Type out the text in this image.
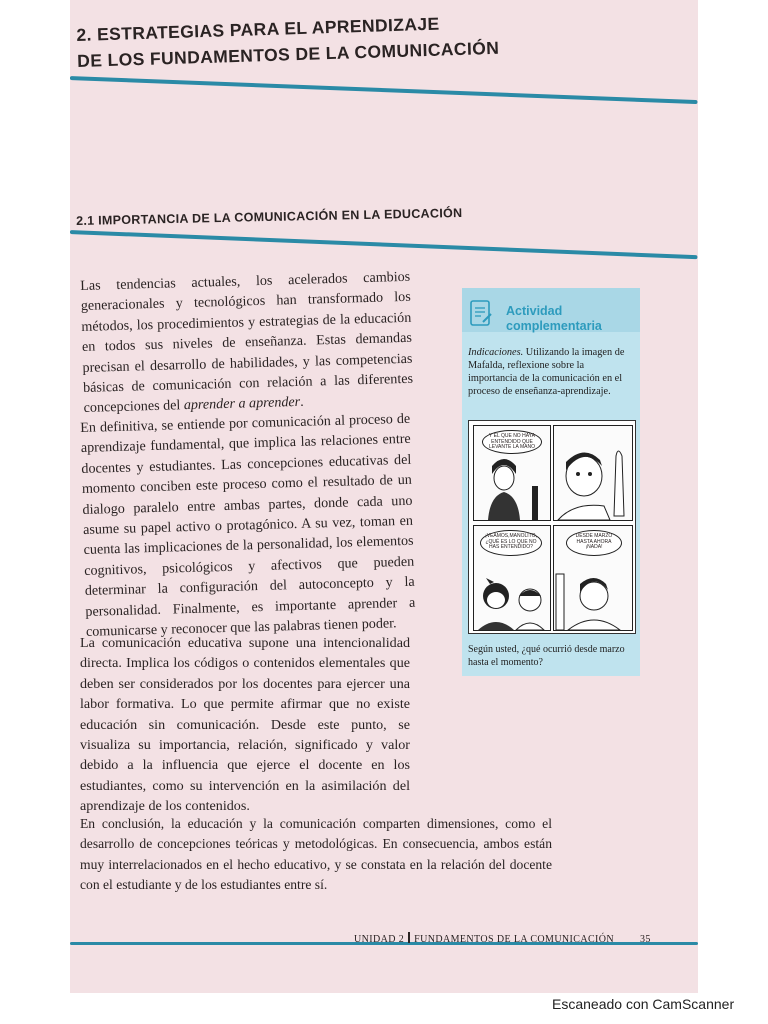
2. ESTRATEGIAS PARA EL APRENDIZAJE
DE LOS FUNDAMENTOS DE LA COMUNICACIÓN
2.1 IMPORTANCIA DE LA COMUNICACIÓN EN LA EDUCACIÓN

Las tendencias actuales, los acelerados cambios generacionales y tecnológicos han transformado los métodos, los procedimientos y estrategias de la educación en todos sus niveles de enseñanza. Estas demandas precisan el desarrollo de habilidades, y las competencias básicas de comunicación con relación a las diferentes concepciones del aprender a aprender.

En definitiva, se entiende por comunicación al proceso de aprendizaje fundamental, que implica las relaciones entre docentes y estudiantes. Las concepciones educativas del momento conciben este proceso como el resultado de un dialogo paralelo entre ambas partes, donde cada uno asume su papel activo o protagónico. A su vez, toman en cuenta las implicaciones de la personalidad, los elementos cognitivos, psicológicos y afectivos que pueden determinar la configuración del autoconcepto y la personalidad. Finalmente, es importante aprender a comunicarse y reconocer que las palabras tienen poder.

La comunicación educativa supone una intencionalidad directa. Implica los códigos o contenidos elementales que deben ser considerados por los docentes para ejercer una labor formativa. Lo que permite afirmar que no existe educación sin comunicación. Desde este punto, se visualiza su importancia, relación, significado y valor debido a la influencia que ejerce el docente en los estudiantes, como su intervención en la asimilación del aprendizaje de los contenidos.

En conclusión, la educación y la comunicación comparten dimensiones, como el desarrollo de concepciones teóricas y metodológicas. En consecuencia, ambos están muy interrelacionados en el hecho educativo, y se constata en la relación del docente con el estudiante y de los estudiantes entre sí.

Actividad
complementaria

Indicaciones. Utilizando la imagen de Mafalda, reflexione sobre la importancia de la comunicación en el proceso de enseñanza-aprendizaje.

Y EL QUE NO HAYA ENTENDIDO QUE LEVANTE LA MANO
¡VEAMOS,MANOLITO, ¿QUÉ ES LO QUE NO HAS ENTENDIDO?
DESDE MARZO HASTA AHORA ¡NADA!

Según usted, ¿qué ocurrió desde marzo hasta el momento?

UNIDAD 2 FUNDAMENTOS DE LA COMUNICACIÓN	35
Escaneado con CamScanner
